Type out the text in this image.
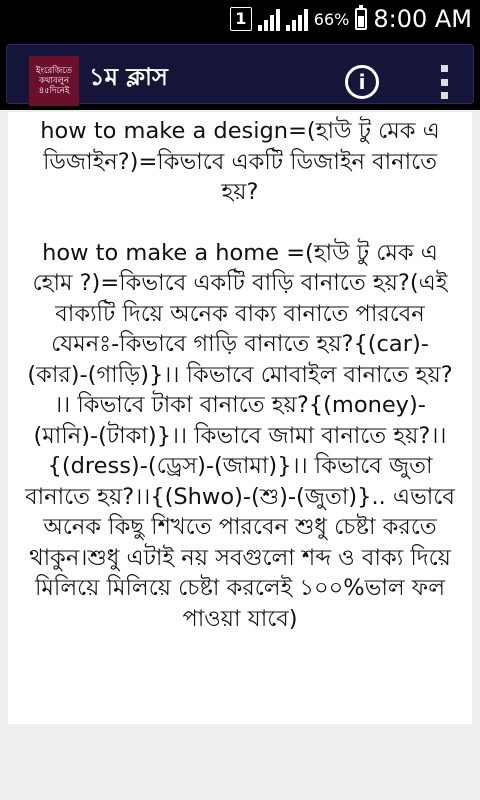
1	66% 8:00 AM
ইংরেজিতে
কথাবলুন
৪৫দিনেই ১ম ক্লাস	i

how to make a design=(হাউ টু মেক এ ডিজাইন?)=কিভাবে একটি ডিজাইন বানাতে হয়?

how to make a home =(হাউ টু মেক এ হোম ?)=কিভাবে একটি বাড়ি বানাতে হয়?(এই বাক্যটি দিয়ে অনেক বাক্য বানাতে পারবেন যেমনঃ-কিভাবে গাড়ি বানাতে হয়?{(car)-(কার)-(গাড়ি)}।। কিভাবে মোবাইল বানাতে হয়? ।। কিভাবে টাকা বানাতে হয়?{(money)-(মানি)-(টাকা)}।। কিভাবে জামা বানাতে হয়?।।{(dress)-(ড্রেস)-(জামা)}।। কিভাবে জুতা বানাতে হয়?।।{(Shwo)-(শু)-(জুতা)}.. এভাবে অনেক কিছু শিখতে পারবেন শুধু চেষ্টা করতে থাকুন।শুধু এটাই নয় সবগুলো শব্দ ও বাক্য দিয়ে মিলিয়ে মিলিয়ে চেষ্টা করলেই ১০০%ভাল ফল পাওয়া যাবে)
